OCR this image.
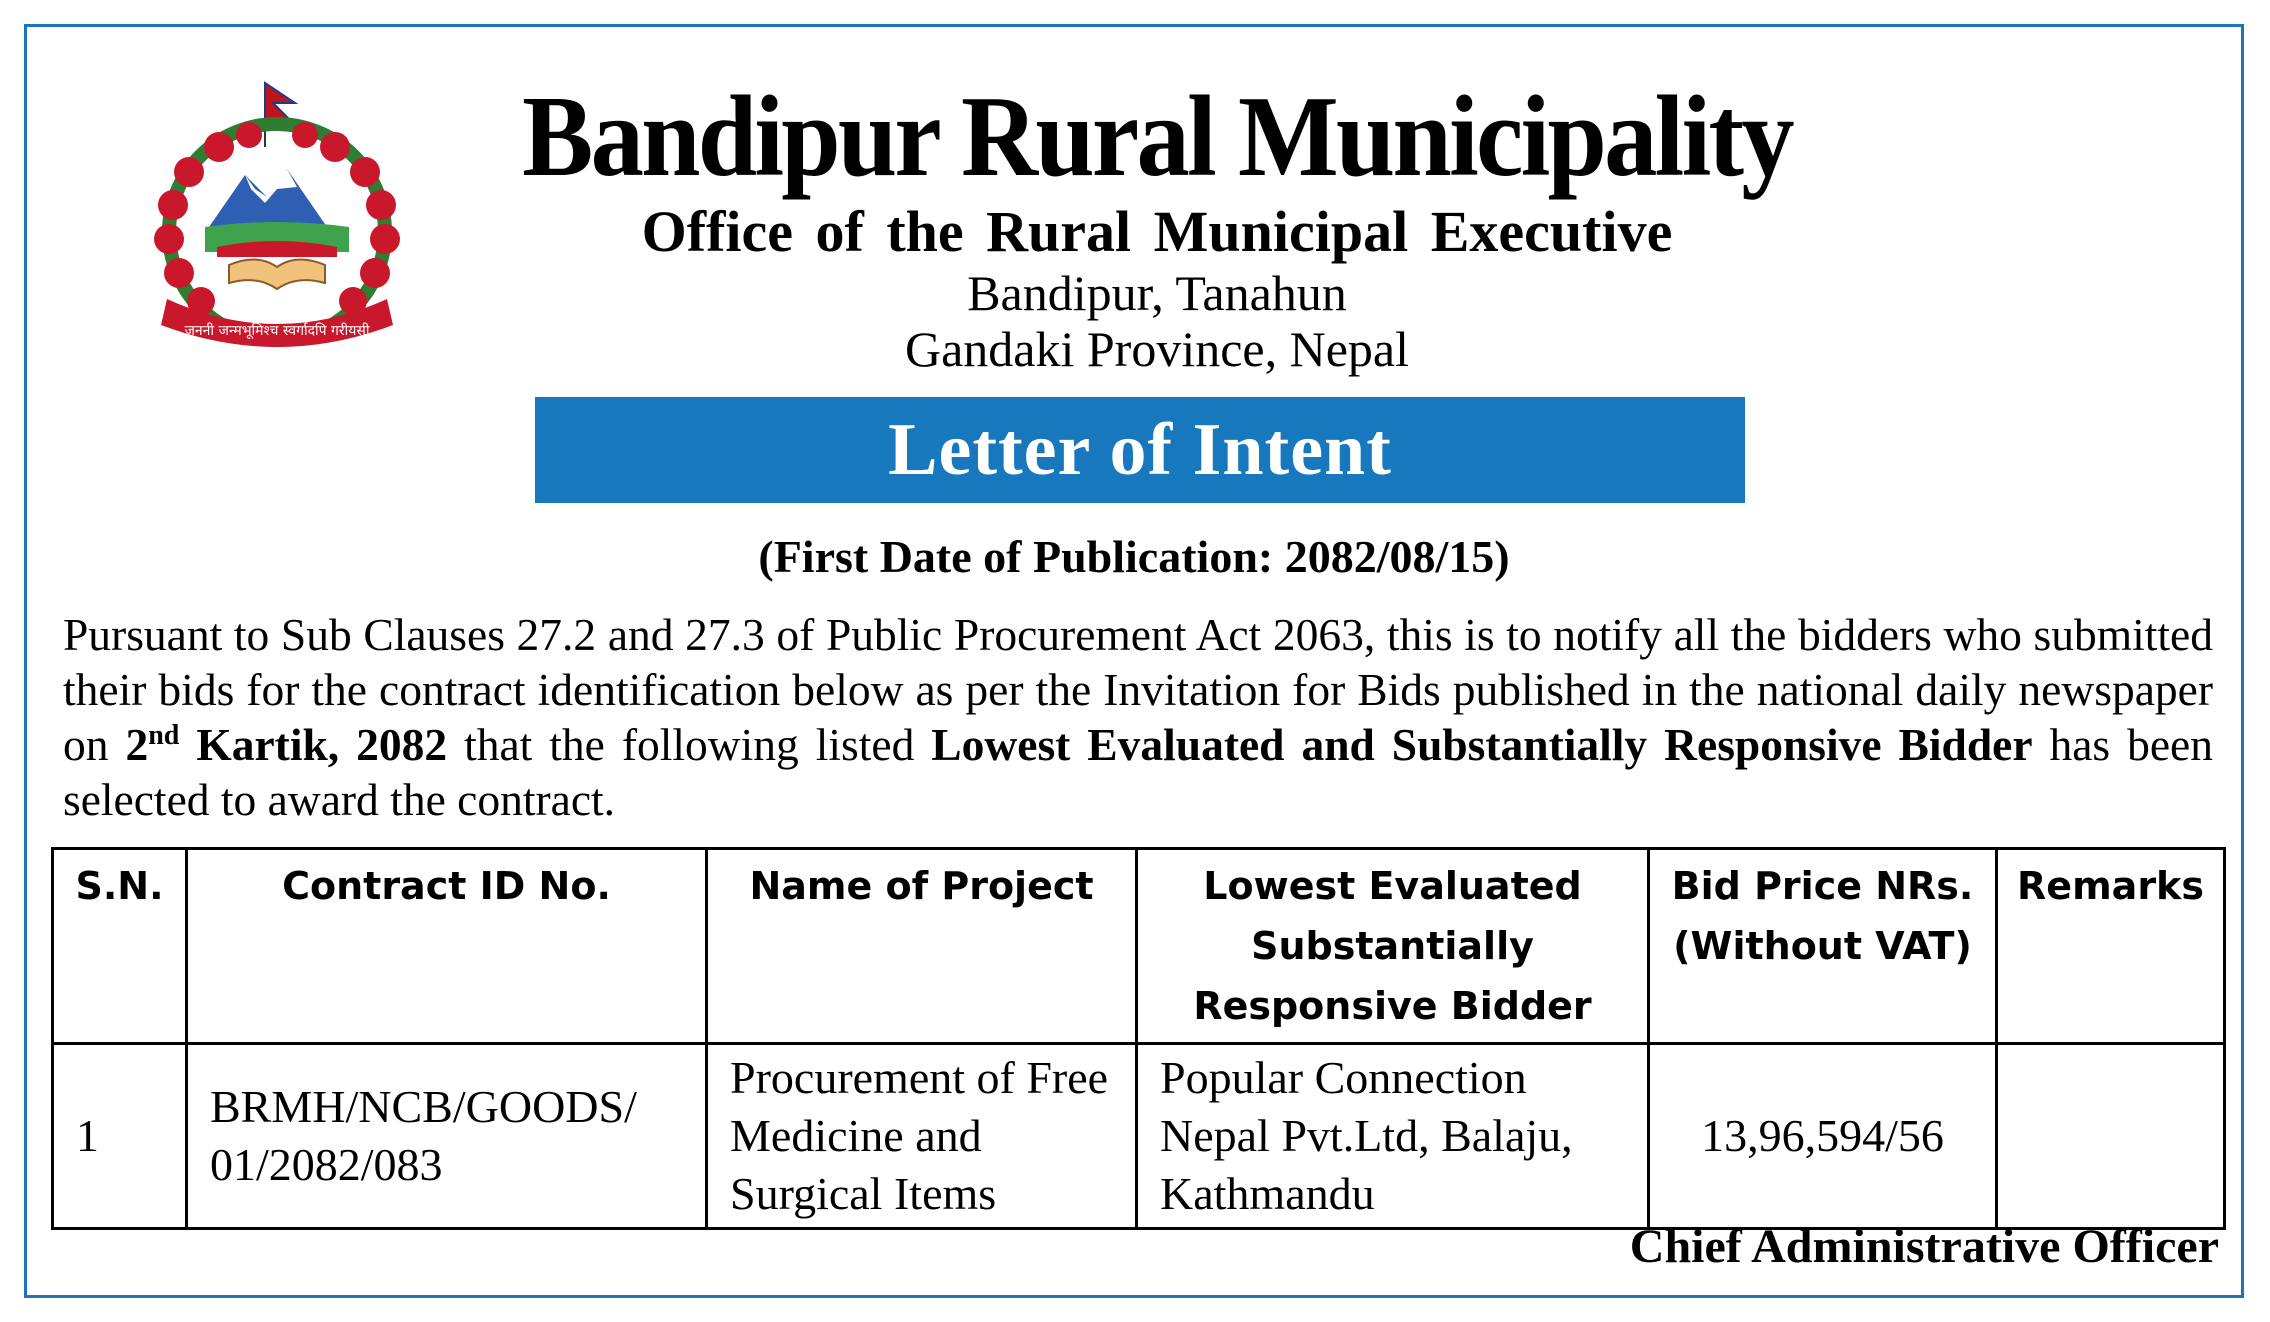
जननी जन्मभूमिश्च स्वर्गादपि गरीयसी
Bandipur Rural Municipality
Office of the Rural Municipal Executive
Bandipur, Tanahun
Gandaki Province, Nepal
Letter of Intent
(First Date of Publication: 2082/08/15)
Pursuant to Sub Clauses 27.2 and 27.3 of Public Procurement Act 2063, this is to notify all the bidders who submitted their bids for the contract identification below as per the Invitation for Bids published in the national daily newspaper on 2nd Kartik, 2082 that the following listed Lowest Evaluated and Substantially Responsive Bidder has been selected to award the contract.
S.N.	Contract ID No.	Name of Project	Lowest Evaluated Substantially Responsive Bidder	Bid Price NRs. (Without VAT)	Remarks
1	BRMH/NCB/GOODS/ 01/2082/083	Procurement of Free Medicine and Surgical Items	Popular Connection Nepal Pvt.Ltd, Balaju, Kathmandu	13,96,594/56	
Chief Administrative Officer
